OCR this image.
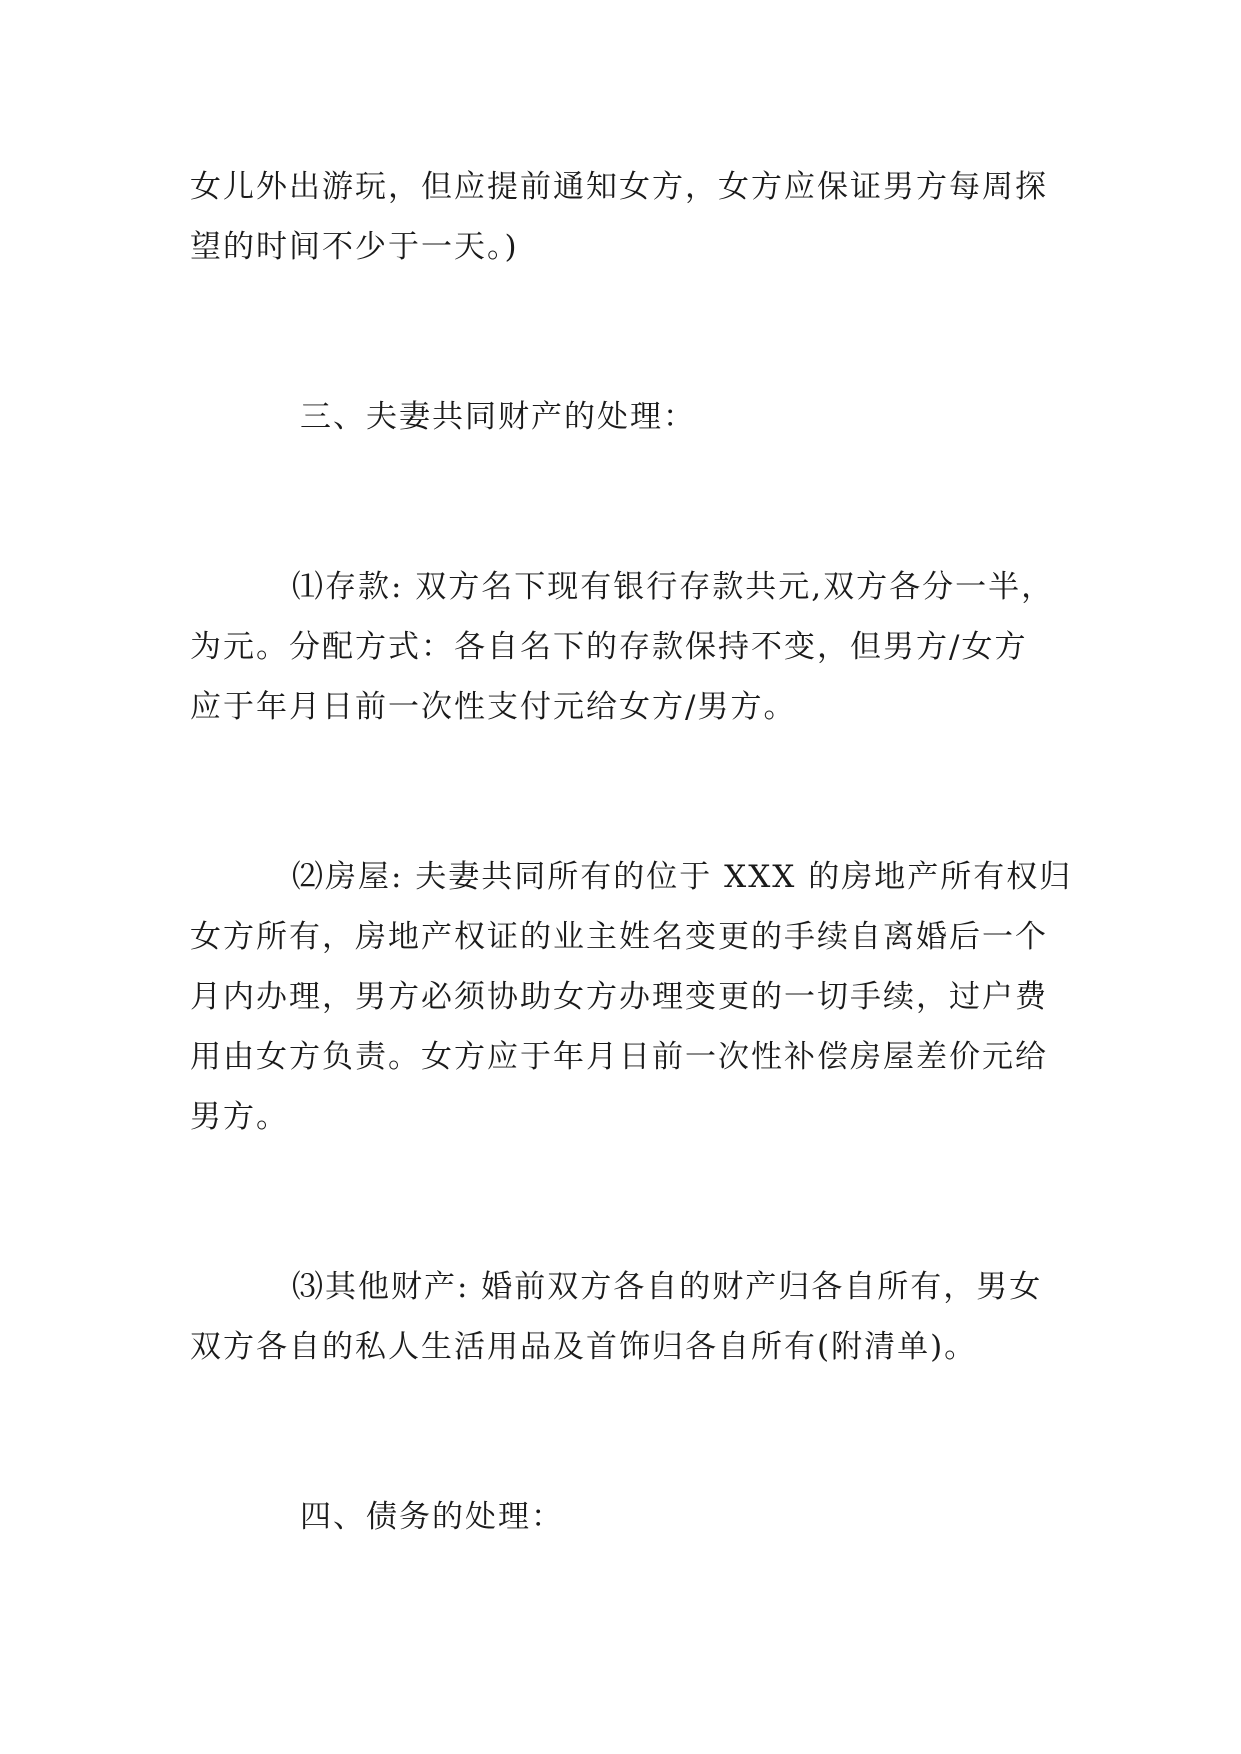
女儿外出游玩，但应提前通知女方，女方应保证男方每周探

望的时间不少于一天。)

三、夫妻共同财产的处理：

⑴存款: 双方名下现有银行存款共元,双方各分一半，

为元。分配方式：各自名下的存款保持不变，但男方/女方

应于年月日前一次性支付元给女方/男方。

⑵房屋: 夫妻共同所有的位于 XXX 的房地产所有权归

女方所有，房地产权证的业主姓名变更的手续自离婚后一个

月内办理，男方必须协助女方办理变更的一切手续，过户费

用由女方负责。女方应于年月日前一次性补偿房屋差价元给

男方。

⑶其他财产: 婚前双方各自的财产归各自所有，男女

双方各自的私人生活用品及首饰归各自所有(附清单)。

四、债务的处理：
